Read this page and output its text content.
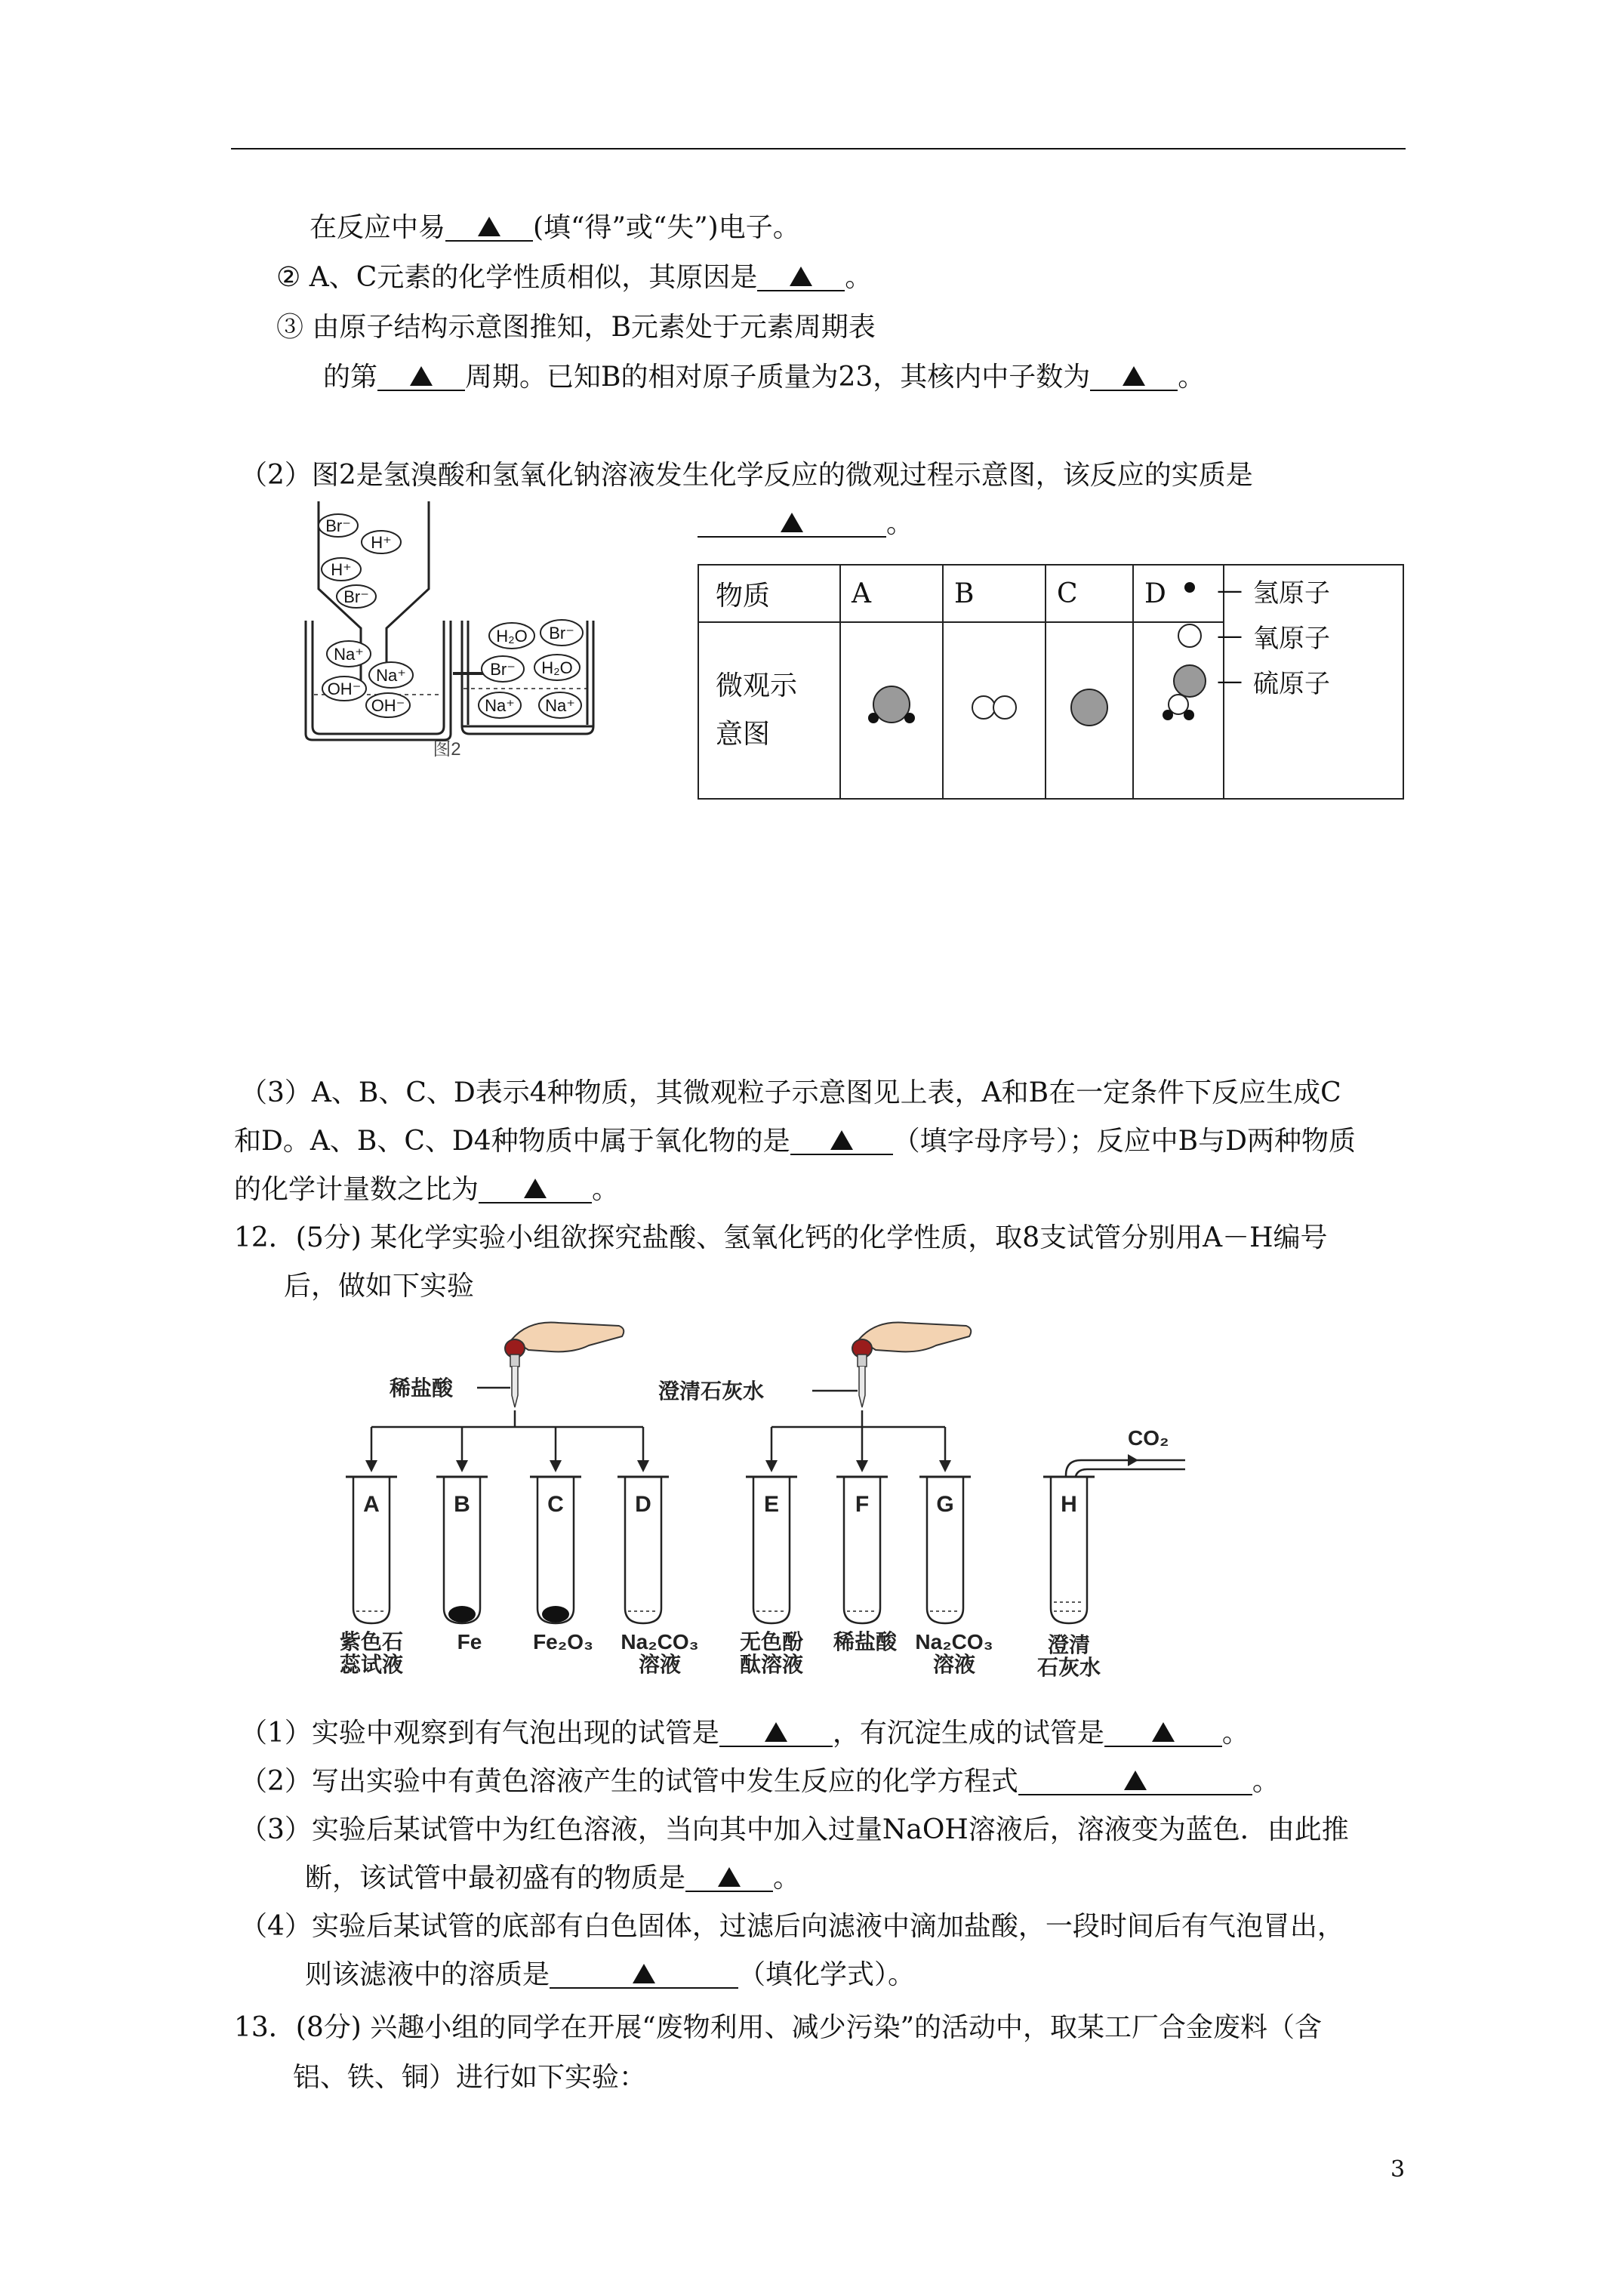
在反应中易	(填“得”或“失”)电子。
② A、C元素的化学性质相似，其原因是	。
③ 由原子结构示意图推知，B元素处于元素周期表
的第	周期。已知B的相对原子质量为23，其核内中子数为	。
（2）图2是氢溴酸和氢氧化钠溶液发生化学反应的微观过程示意图，该反应的实质是
。
Br⁻
H⁺
H⁺
Br⁻
Na⁺
OH⁻
Na⁺
OH⁻
H₂O Br⁻
Br⁻ H₂O
Na⁺ Na⁺
图2
物质	A	B	C	D
微观示
意图				
— 氢原子
— 氧原子
— 硫原子
（3）A、B、C、D表示4种物质，其微观粒子示意图见上表，A和B在一定条件下反应生成C
和D。A、B、C、D4种物质中属于氧化物的是	（填字母序号）；反应中B与D两种物质
的化学计量数之比为	。
12．(5分) 某化学实验小组欲探究盐酸、氢氧化钙的化学性质，取8支试管分别用A－H编号
后，做如下实验
A	B	C	D	E	F	G	H
稀盐酸	澄清石灰水
CO₂
紫色石
蕊试液
Fe Fe₂O₃ Na₂CO₃
溶液
无色酚
酞溶液
稀盐酸 Na₂CO₃
溶液
澄清
石灰水
（1）实验中观察到有气泡出现的试管是	，有沉淀生成的试管是	。
（2）写出实验中有黄色溶液产生的试管中发生反应的化学方程式	。
（3）实验后某试管中为红色溶液，当向其中加入过量NaOH溶液后，溶液变为蓝色．由此推
断，该试管中最初盛有的物质是	。
（4）实验后某试管的底部有白色固体，过滤后向滤液中滴加盐酸，一段时间后有气泡冒出，
则该滤液中的溶质是	（填化学式）。
13．(8分) 兴趣小组的同学在开展“废物利用、减少污染”的活动中，取某工厂合金废料（含
铝、铁、铜）进行如下实验：
3
